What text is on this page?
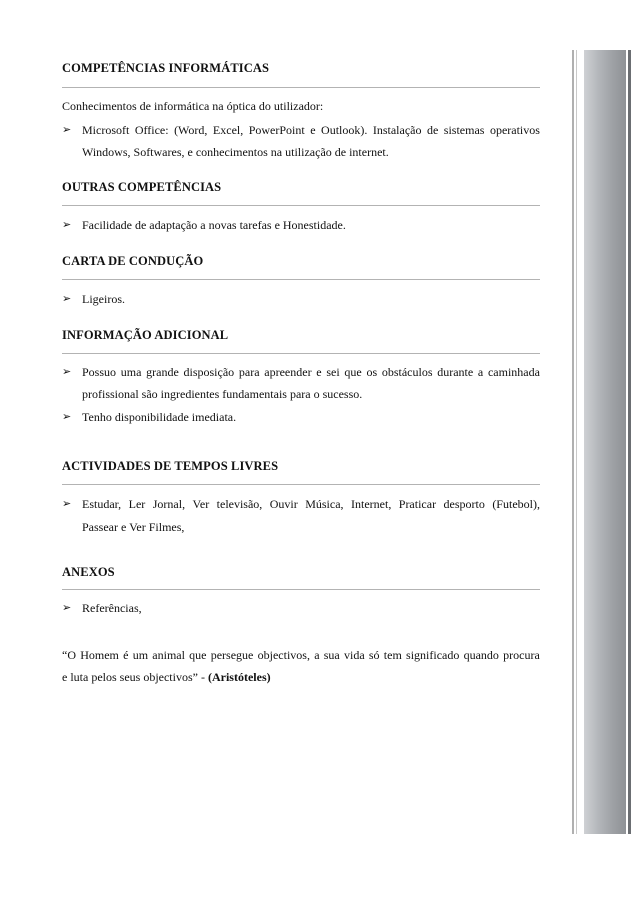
COMPETÊNCIAS INFORMÁTICAS
Conhecimentos de informática na óptica do utilizador:
➢ Microsoft Office: (Word, Excel, PowerPoint e Outlook). Instalação de sistemas operativos
Windows, Softwares, e conhecimentos na utilização de internet.
OUTRAS COMPETÊNCIAS
➢ Facilidade de adaptação a novas tarefas e Honestidade.
CARTA DE CONDUÇÃO
➢ Ligeiros.
INFORMAÇÃO ADICIONAL
➢ Possuo uma grande disposição para apreender e sei que os obstáculos durante a caminhada
profissional são ingredientes fundamentais para o sucesso.
➢ Tenho disponibilidade imediata.
ACTIVIDADES DE TEMPOS LIVRES
➢ Estudar, Ler Jornal, Ver televisão, Ouvir Música, Internet, Praticar desporto (Futebol),
Passear e Ver Filmes,
ANEXOS
➢ Referências,
“O Homem é um animal que persegue objectivos, a sua vida só tem significado quando procura
e luta pelos seus objectivos” - (Aristóteles)
